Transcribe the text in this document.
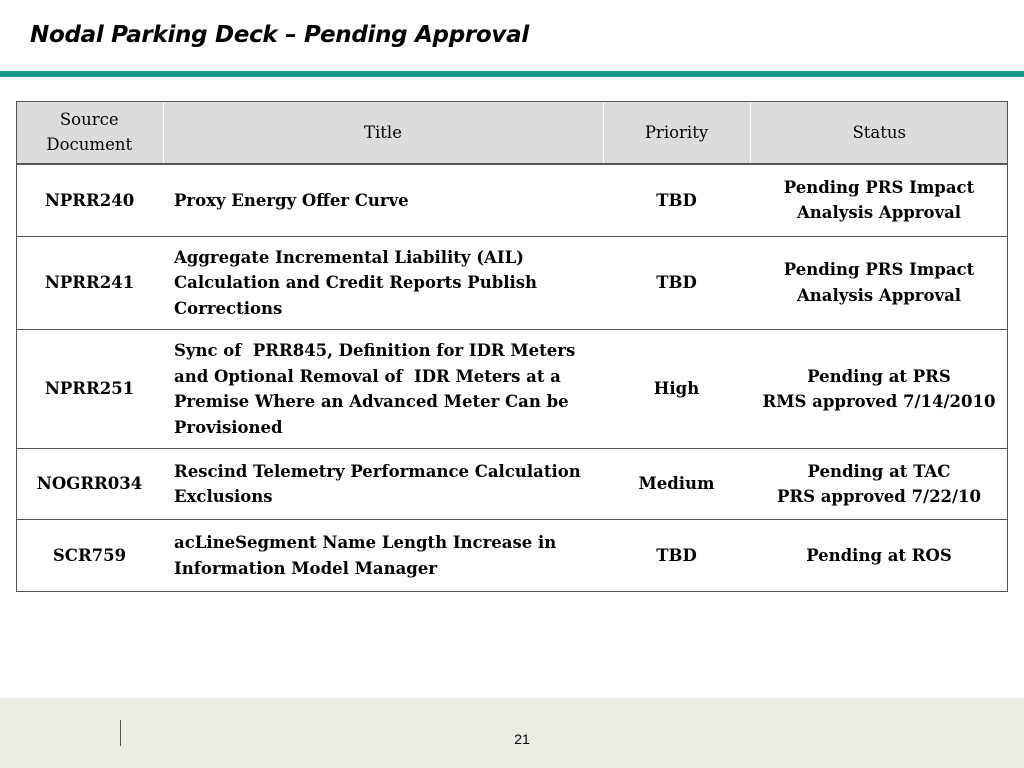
Nodal Parking Deck – Pending Approval
Source Document	Title	Priority	Status
NPRR240	Proxy Energy Offer Curve	TBD	Pending PRS Impact
Analysis Approval

NPRR241	Aggregate Incremental Liability (AIL) Calculation and Credit Reports Publish Corrections	TBD	Pending PRS Impact
Analysis Approval

NPRR251	Sync of  PRR845, Definition for IDR Meters and Optional Removal of  IDR Meters at a Premise Where an Advanced Meter Can be Provisioned	High	Pending at PRS
RMS approved 7/14/2010

NOGRR034	Rescind Telemetry Performance Calculation Exclusions	Medium	Pending at TAC
PRS approved 7/22/10

SCR759	acLineSegment Name Length Increase in Information Model Manager	TBD	Pending at ROS
21
